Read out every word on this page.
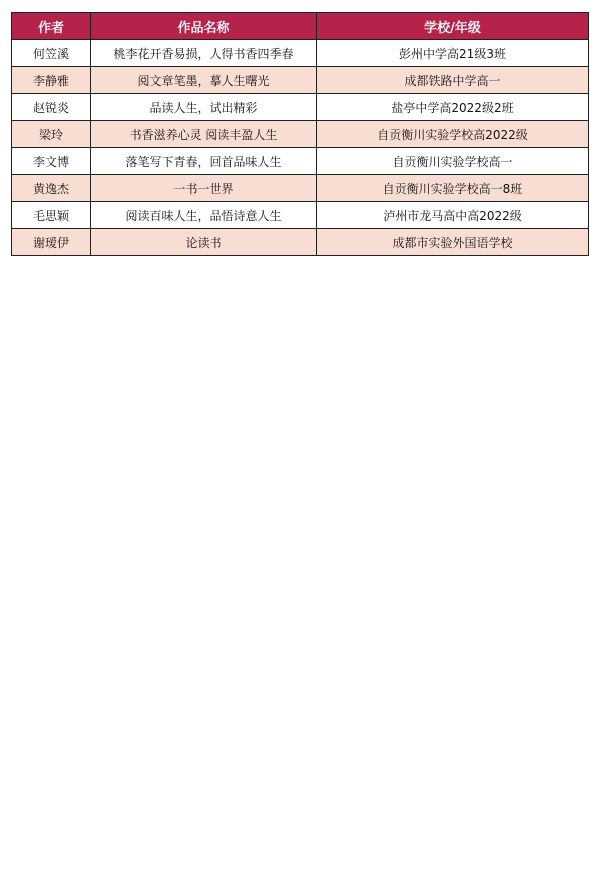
作者	作品名称	学校/年级
何笠溪	桃李花开香易损，人得书香四季春	彭州中学高21级3班
李静雅	阅文章笔墨，摹人生曙光	成都铁路中学高一
赵锐炎	品读人生，试出精彩	盐亭中学高2022级2班
梁玲	书香滋养心灵 阅读丰盈人生	自贡衡川实验学校高2022级
李文博	落笔写下青春，回首品味人生	自贡衡川实验学校高一
黄逸杰	一书一世界	自贡衡川实验学校高一8班
毛思颖	阅读百味人生，品悟诗意人生	泸州市龙马高中高2022级
谢瑷伊	论读书	成都市实验外国语学校
